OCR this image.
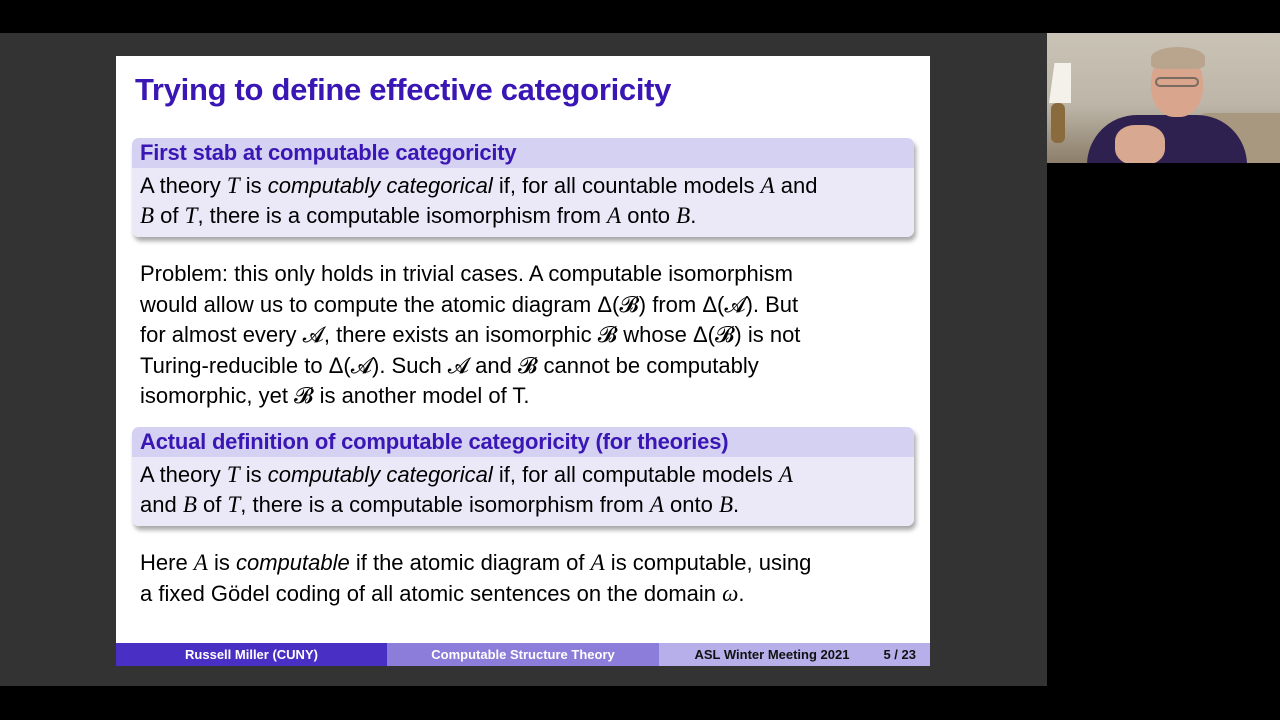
Trying to define effective categoricity
First stab at computable categoricity
A theory T is computably categorical if, for all countable models A and
B of T, there is a computable isomorphism from A onto B.
Problem: this only holds in trivial cases. A computable isomorphism
would allow us to compute the atomic diagram Δ(𝓑) from Δ(𝓐). But
for almost every 𝓐, there exists an isomorphic 𝓑 whose Δ(𝓑) is not
Turing-reducible to Δ(𝓐). Such 𝓐 and 𝓑 cannot be computably
isomorphic, yet 𝓑 is another model of T.
Actual definition of computable categoricity (for theories)
A theory T is computably categorical if, for all computable models A
and B of T, there is a computable isomorphism from A onto B.
Here A is computable if the atomic diagram of A is computable, using
a fixed Gödel coding of all atomic sentences on the domain ω.
Russell Miller (CUNY)	Computable Structure Theory	ASL Winter Meeting 2021	5 / 23
